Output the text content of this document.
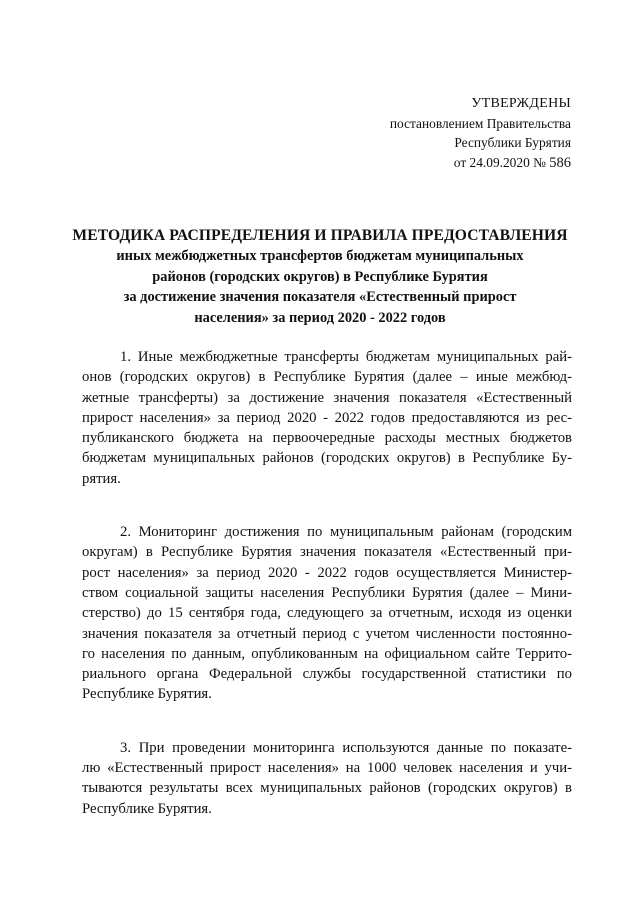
УТВЕРЖДЕНЫ
постановлением Правительства
Республики Бурятия
от 24.09.2020 № 586
МЕТОДИКА РАСПРЕДЕЛЕНИЯ И ПРАВИЛА ПРЕДОСТАВЛЕНИЯ
иных межбюджетных трансфертов бюджетам муниципальных
районов (городских округов) в Республике Бурятия
за достижение значения показателя «Естественный прирост
населения» за период 2020 - 2022 годов
1. Иные межбюджетные трансферты бюджетам муниципальных рай-
онов (городских округов) в Республике Бурятия (далее – иные межбюд-
жетные трансферты) за достижение значения показателя «Естественный
прирост населения» за период 2020 - 2022 годов предоставляются из рес-
публиканского бюджета на первоочередные расходы местных бюджетов
бюджетам муниципальных районов (городских округов) в Республике Бу-
рятия.
2. Мониторинг достижения по муниципальным районам (городским
округам) в Республике Бурятия значения показателя «Естественный при-
рост населения» за период 2020 - 2022 годов осуществляется Министер-
ством социальной защиты населения Республики Бурятия (далее – Мини-
стерство) до 15 сентября года, следующего за отчетным, исходя из оценки
значения показателя за отчетный период с учетом численности постоянно-
го населения по данным, опубликованным на официальном сайте Террито-
риального органа Федеральной службы государственной статистики по
Республике Бурятия.
3. При проведении мониторинга используются данные по показате-
лю «Естественный прирост населения» на 1000 человек населения и учи-
тываются результаты всех муниципальных районов (городских округов) в
Республике Бурятия.
